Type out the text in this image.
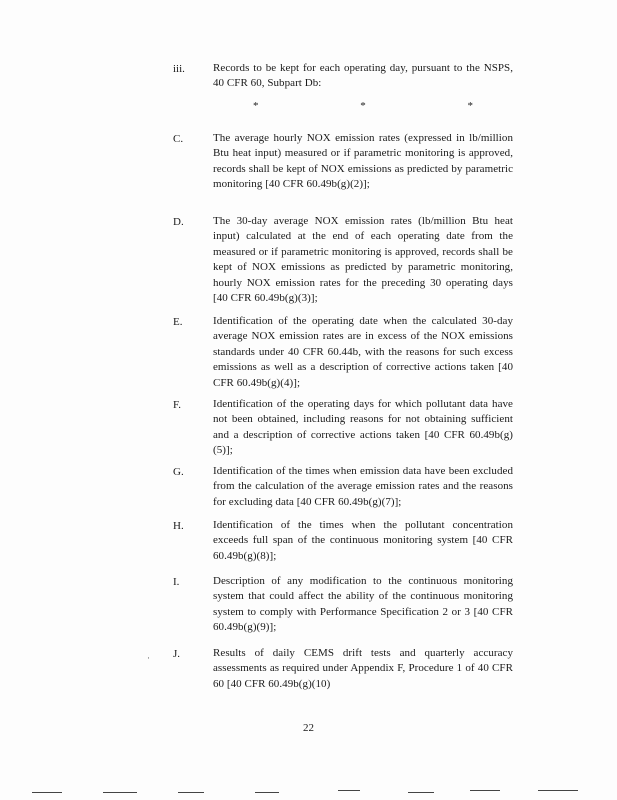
iii.	Records to be kept for each operating day, pursuant to the NSPS, 40 CFR 60, Subpart Db:
*	*	*
C.	The average hourly NOX emission rates (expressed in lb/million Btu heat input) measured or if parametric monitoring is approved, records shall be kept of NOX emissions as predicted by parametric monitoring [40 CFR 60.49b(g)(2)];
D.	The 30-day average NOX emission rates (lb/million Btu heat input) calculated at the end of each operating date from the measured or if parametric monitoring is approved, records shall be kept of NOX emissions as predicted by parametric monitoring, hourly NOX emission rates for the preceding 30 operating days [40 CFR 60.49b(g)(3)];
E.	Identification of the operating date when the calculated 30-day average NOX emission rates are in excess of the NOX emissions standards under 40 CFR 60.44b, with the reasons for such excess emissions as well as a description of corrective actions taken [40 CFR 60.49b(g)(4)];
F.	Identification of the operating days for which pollutant data have not been obtained, including reasons for not obtaining sufficient and a description of corrective actions taken [40 CFR 60.49b(g)(5)];
G.	Identification of the times when emission data have been excluded from the calculation of the average emission rates and the reasons for excluding data [40 CFR 60.49b(g)(7)];
H.	Identification of the times when the pollutant concentration exceeds full span of the continuous monitoring system [40 CFR 60.49b(g)(8)];
I.	Description of any modification to the continuous monitoring system that could affect the ability of the continuous monitoring system to comply with Performance Specification 2 or 3 [40 CFR 60.49b(g)(9)];
J.	Results of daily CEMS drift tests and quarterly accuracy assessments as required under Appendix F, Procedure 1 of 40 CFR 60 [40 CFR 60.49b(g)(10)
·
22
